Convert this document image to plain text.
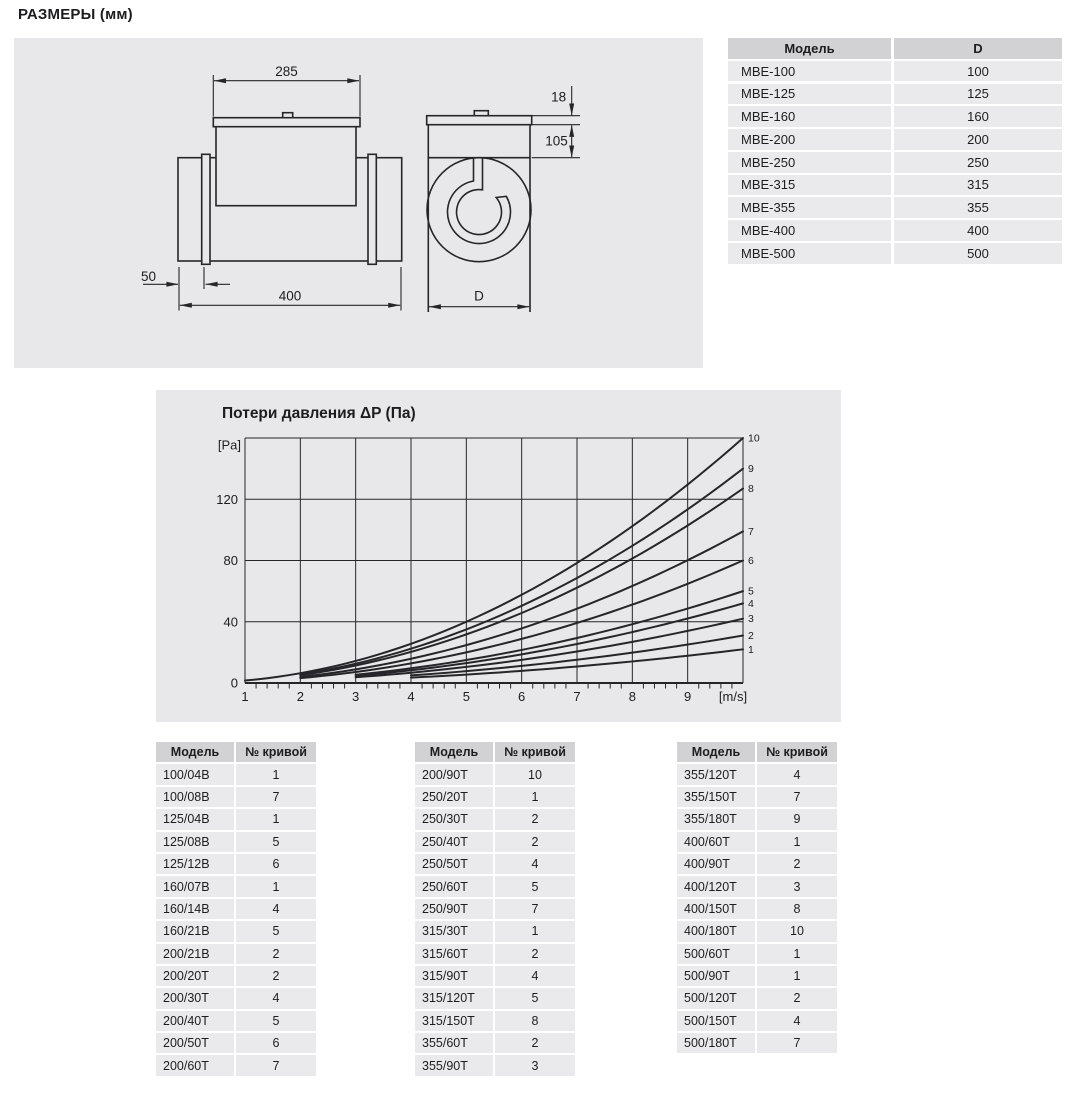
РАЗМЕРЫ (мм)
285
400
50
18
105
D
Модель	D
MBE-100	100
MBE-125	125
MBE-160	160
MBE-200	200
MBE-250	250
MBE-315	315
MBE-355	355
MBE-400	400
MBE-500	500
Потери давления ΔP (Па)
1	2	3	4	5	6	7	8	9 [m/s]
0
40
80
120
[Pa]
1
2
3
4
5
6
7
8
9
10
Модель	№ кривой
100/04B	1
100/08B	7
125/04B	1
125/08B	5
125/12B	6
160/07B	1
160/14B	4
160/21B	5
200/21B	2
200/20T	2
200/30T	4
200/40T	5
200/50T	6
200/60T	7
Модель	№ кривой
200/90T	10
250/20T	1
250/30T	2
250/40T	2
250/50T	4
250/60T	5
250/90T	7
315/30T	1
315/60T	2
315/90T	4
315/120T	5
315/150T	8
355/60T	2
355/90T	3
Модель	№ кривой
355/120T	4
355/150T	7
355/180T	9
400/60T	1
400/90T	2
400/120T	3
400/150T	8
400/180T	10
500/60T	1
500/90T	1
500/120T	2
500/150T	4
500/180T	7
